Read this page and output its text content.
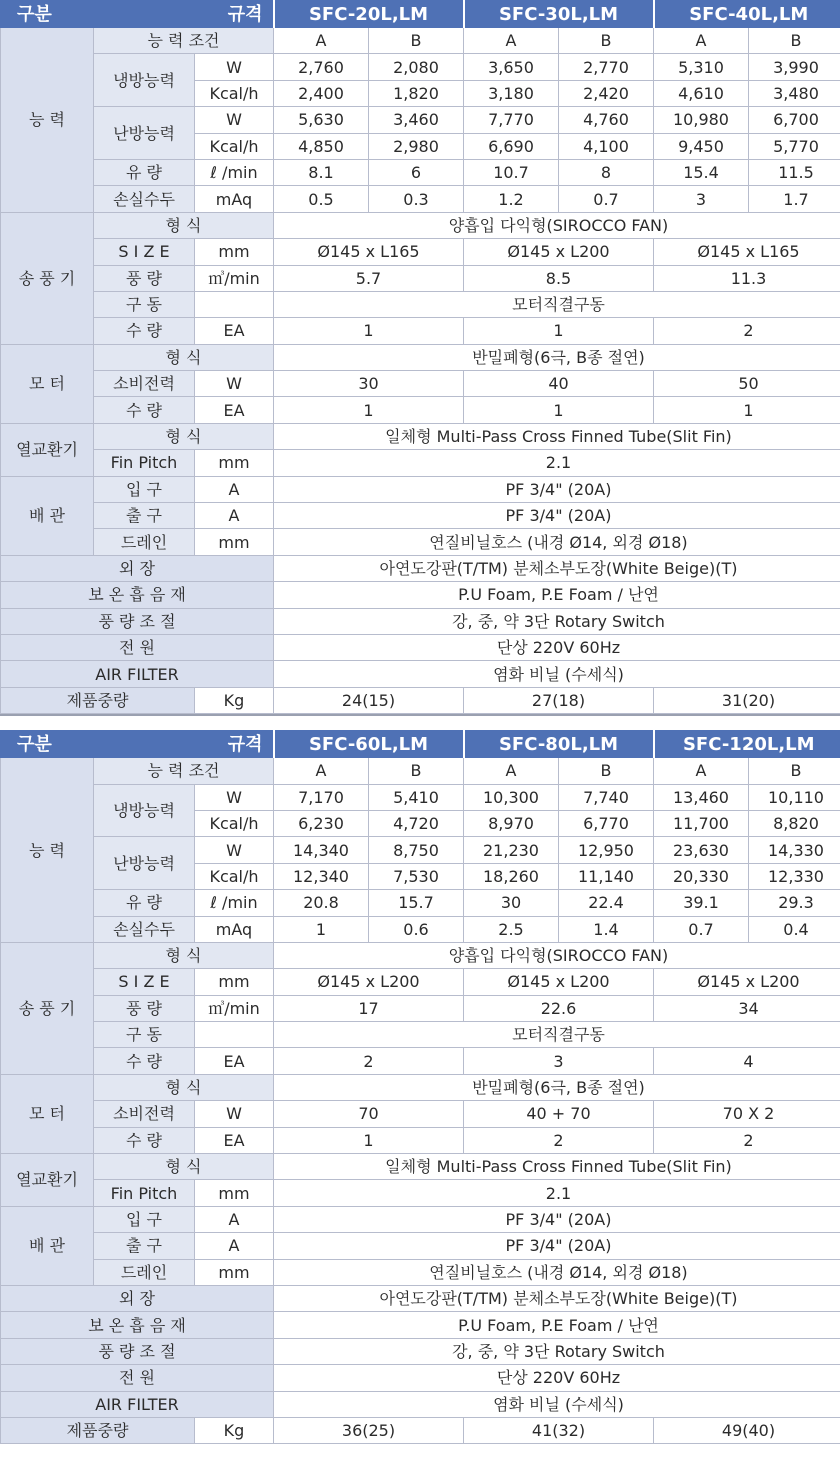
구분	규격		SFC-20L,LM		SFC-30L,LM		SFC-40L,LM	
능 력	능 력 조건		A	B	A	B	A	B
	냉방능력	W	2,760	2,080	3,650	2,770	5,310	3,990
		Kcal/h	2,400	1,820	3,180	2,420	4,610	3,480
	난방능력	W	5,630	3,460	7,770	4,760	10,980	6,700
		Kcal/h	4,850	2,980	6,690	4,100	9,450	5,770
	유 량	ℓ /min	8.1	6	10.7	8	15.4	11.5
	손실수두	mAq	0.5	0.3	1.2	0.7	3	1.7
송 풍 기	형 식		양흡입 다익형(SIROCCO FAN)					
	S I Z E	mm	Ø145 x L165		Ø145 x L200		Ø145 x L165	
	풍 량	㎥/min	5.7		8.5		11.3	
	구 동		모터직결구동					
	수 량	EA	1		1		2	
모 터	형 식		반밀폐형(6극, B종 절연)					
	소비전력	W	30		40		50	
	수 량	EA	1		1		1	
열교환기	형 식		일체형 Multi-Pass Cross Finned Tube(Slit Fin)					
	Fin Pitch	mm	2.1					
배 관	입 구	A	PF 3/4" (20A)					
	출 구	A	PF 3/4" (20A)					
	드레인	mm	연질비닐호스 (내경 Ø14, 외경 Ø18)					
외 장			아연도강판(T/TM) 분체소부도장(White Beige)(T)					
보 온 흡 음 재			P.U Foam, P.E Foam / 난연					
풍 량 조 절			강, 중, 약 3단 Rotary Switch					
전 원			단상 220V 60Hz					
AIR FILTER			염화 비닐 (수세식)					
제품중량		Kg	24(15)		27(18)		31(20)	
구분	규격		SFC-60L,LM		SFC-80L,LM		SFC-120L,LM	
능 력	능 력 조건		A	B	A	B	A	B
	냉방능력	W	7,170	5,410	10,300	7,740	13,460	10,110
		Kcal/h	6,230	4,720	8,970	6,770	11,700	8,820
	난방능력	W	14,340	8,750	21,230	12,950	23,630	14,330
		Kcal/h	12,340	7,530	18,260	11,140	20,330	12,330
	유 량	ℓ /min	20.8	15.7	30	22.4	39.1	29.3
	손실수두	mAq	1	0.6	2.5	1.4	0.7	0.4
송 풍 기	형 식		양흡입 다익형(SIROCCO FAN)					
	S I Z E	mm	Ø145 x L200		Ø145 x L200		Ø145 x L200	
	풍 량	㎥/min	17		22.6		34	
	구 동		모터직결구동					
	수 량	EA	2		3		4	
모 터	형 식		반밀폐형(6극, B종 절연)					
	소비전력	W	70		40 + 70		70 X 2	
	수 량	EA	1		2		2	
열교환기	형 식		일체형 Multi-Pass Cross Finned Tube(Slit Fin)					
	Fin Pitch	mm	2.1					
배 관	입 구	A	PF 3/4" (20A)					
	출 구	A	PF 3/4" (20A)					
	드레인	mm	연질비닐호스 (내경 Ø14, 외경 Ø18)					
외 장			아연도강판(T/TM) 분체소부도장(White Beige)(T)					
보 온 흡 음 재			P.U Foam, P.E Foam / 난연					
풍 량 조 절			강, 중, 약 3단 Rotary Switch					
전 원			단상 220V 60Hz					
AIR FILTER			염화 비닐 (수세식)					
제품중량		Kg	36(25)		41(32)		49(40)	
